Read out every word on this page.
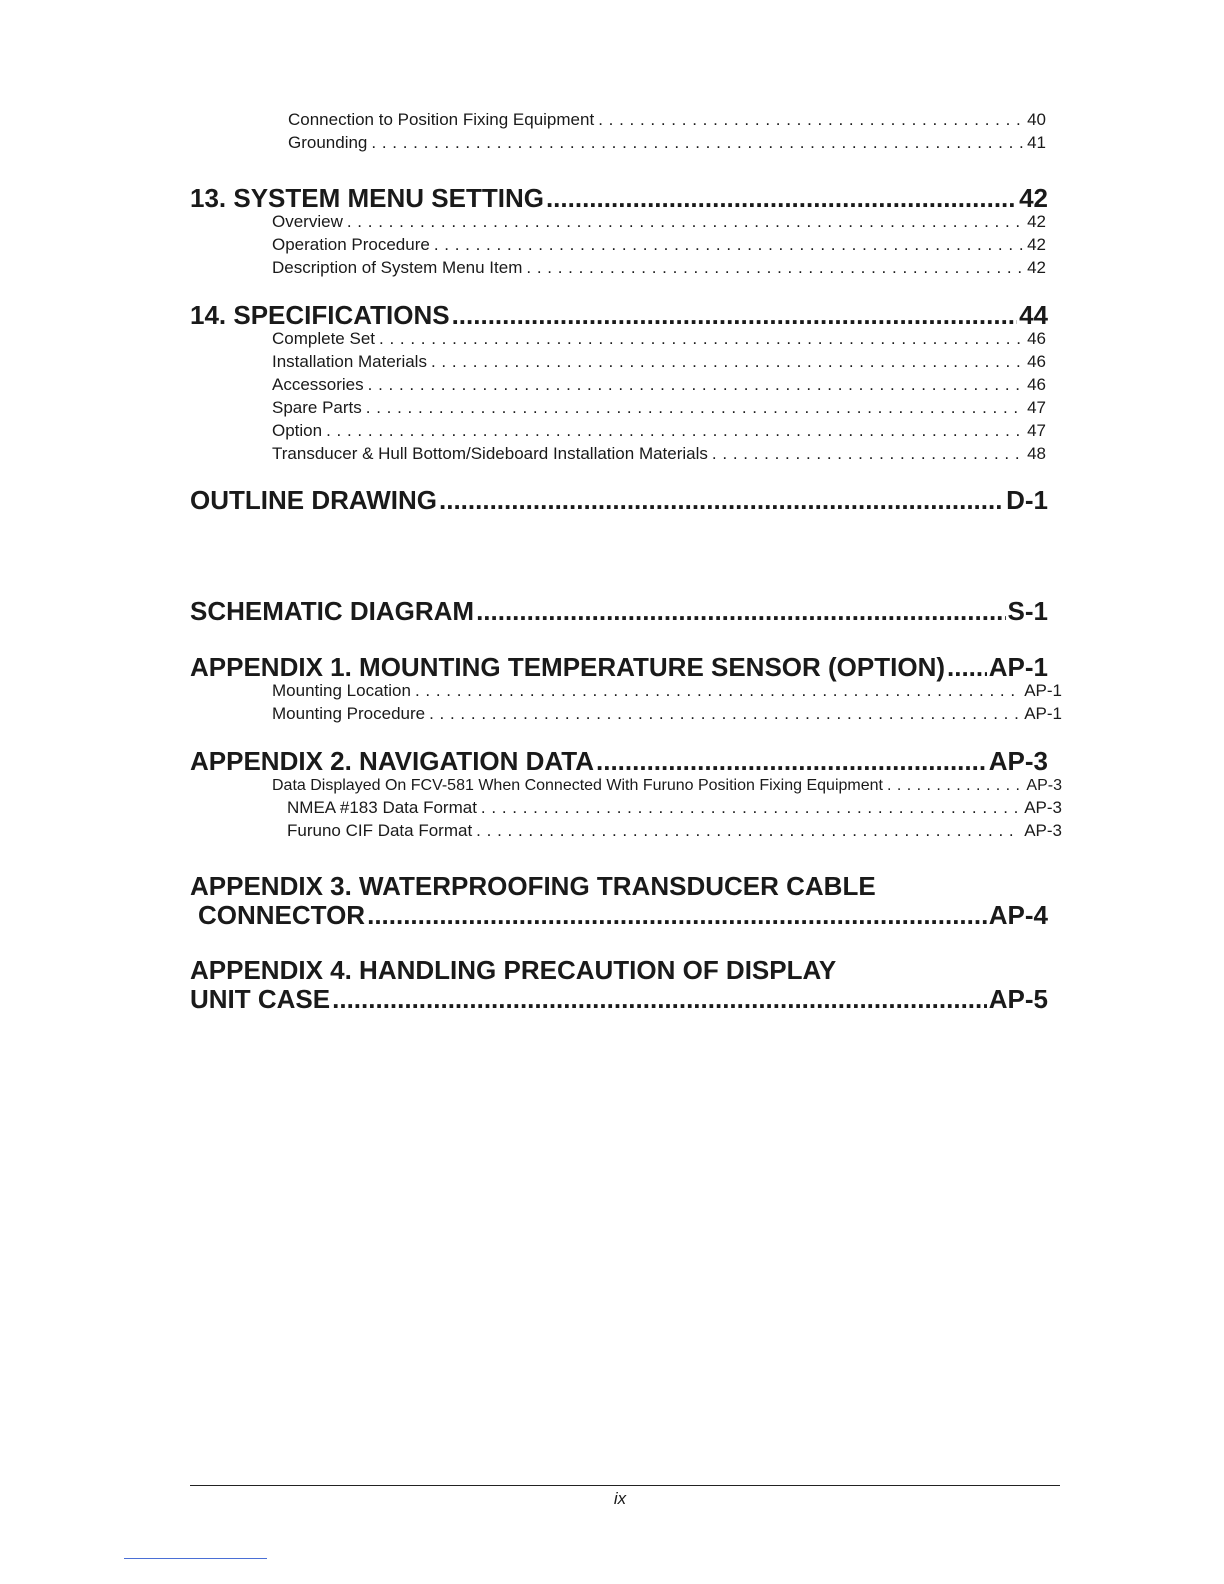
Connection to Position Fixing Equipment . . .	40
Grounding . . .	41
13. SYSTEM MENU SETTING .....	42
Overview . . .	42
Operation Procedure . . .	42
Description of System Menu Item . . .	42
14. SPECIFICATIONS .....	44
Complete Set . . .	46
Installation Materials . . .	46
Accessories . . .	46
Spare Parts . . .	47
Option . . .	47
Transducer & Hull Bottom/Sideboard Installation Materials . . .	48
OUTLINE DRAWING .....	D-1
SCHEMATIC DIAGRAM .....	S-1
APPENDIX 1. MOUNTING TEMPERATURE SENSOR (OPTION) ..... AP-1
Mounting Location . . .	AP-1
Mounting Procedure . . .	AP-1
APPENDIX 2. NAVIGATION DATA .....	AP-3
Data Displayed On FCV-581 When Connected With Furuno Position Fixing Equipment . . .	AP-3
NMEA #183 Data Format . . .	AP-3
Furuno CIF Data Format . . .	AP-3
APPENDIX 3. WATERPROOFING TRANSDUCER CABLE
CONNECTOR .....	AP-4
APPENDIX 4. HANDLING PRECAUTION OF DISPLAY
UNIT CASE .....	AP-5
ix
